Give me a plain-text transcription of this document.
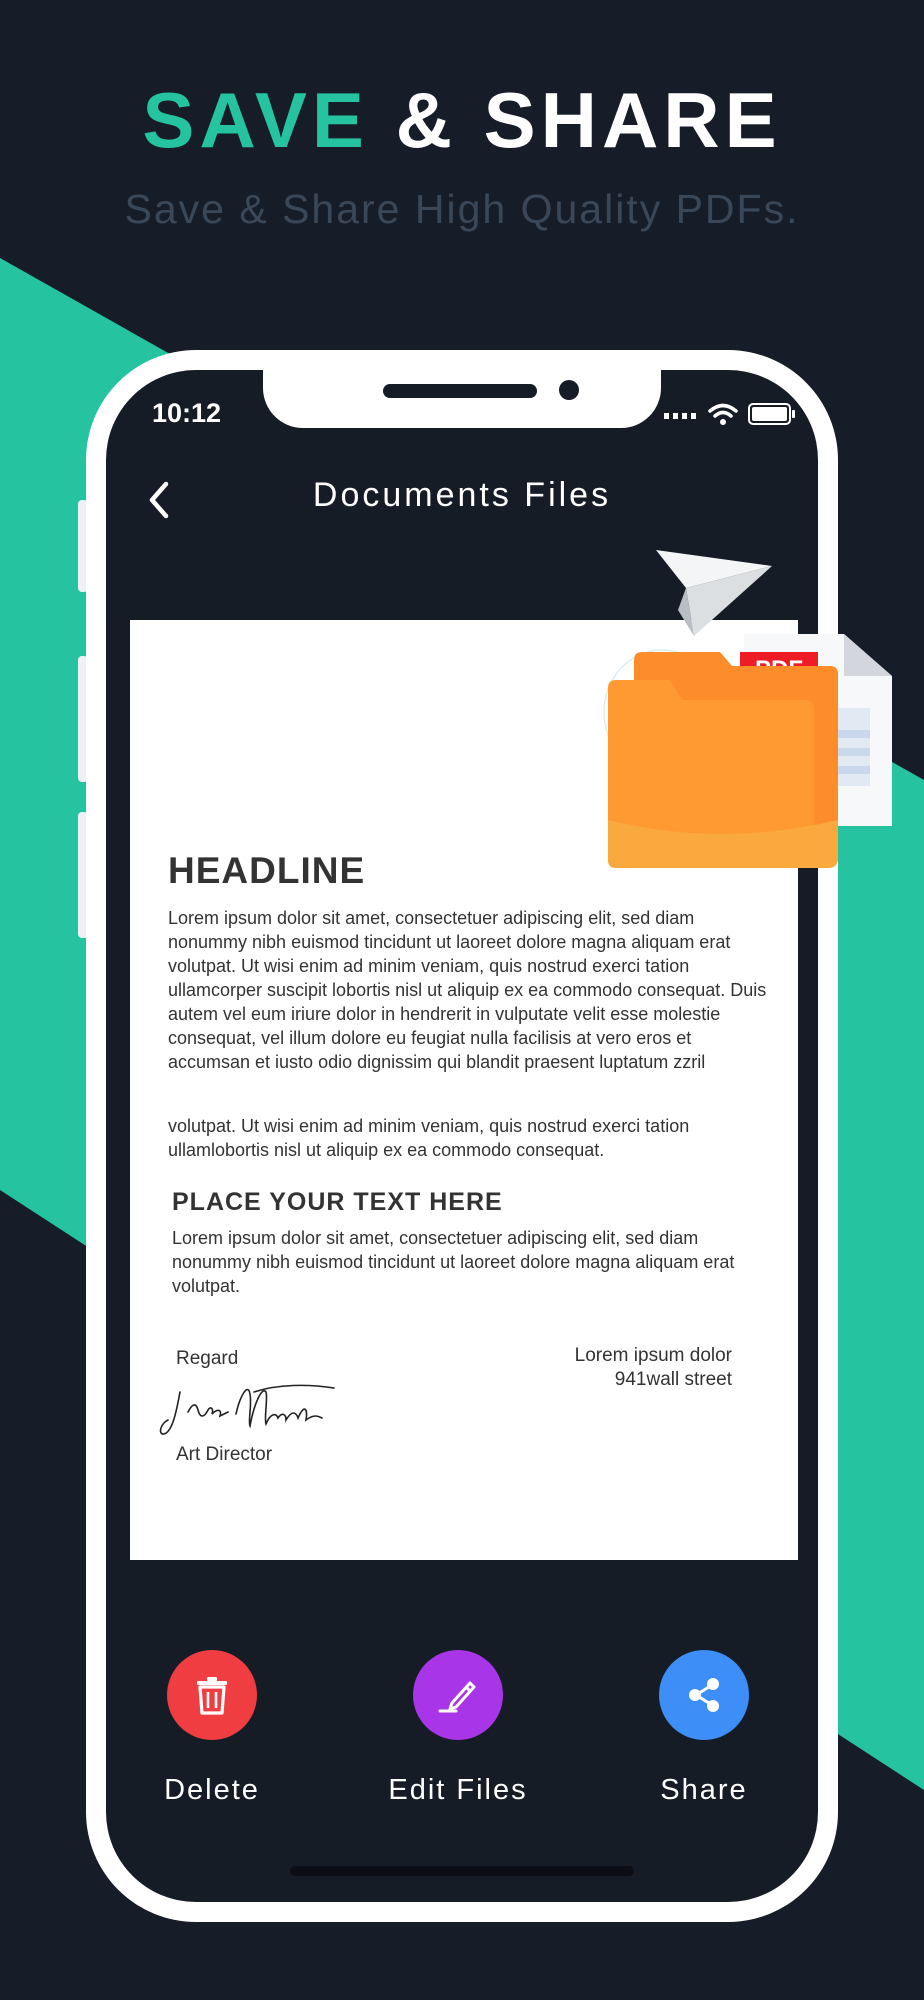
SAVE & SHARE
Save & Share High Quality PDFs.
10:12
Documents Files
HEADLINE
Lorem ipsum dolor sit amet, consectetuer adipiscing elit, sed diam nonummy nibh euismod tincidunt ut laoreet dolore magna aliquam erat volutpat. Ut wisi enim ad minim veniam, quis nostrud exerci tation ullamcorper suscipit lobortis nisl ut aliquip ex ea commodo consequat. Duis autem vel eum iriure dolor in hendrerit in vulputate velit esse molestie consequat, vel illum dolore eu feugiat nulla facilisis at vero eros et accumsan et iusto odio dignissim qui blandit praesent luptatum zzril
volutpat. Ut wisi enim ad minim veniam, quis nostrud exerci tation ullamlobortis nisl ut aliquip ex ea commodo consequat.
PLACE YOUR TEXT HERE
Lorem ipsum dolor sit amet, consectetuer adipiscing elit, sed diam nonummy nibh euismod tincidunt ut laoreet dolore magna aliquam erat volutpat.
Regard
Art Director
Lorem ipsum dolor
941wall street
Delete	Edit Files	Share
